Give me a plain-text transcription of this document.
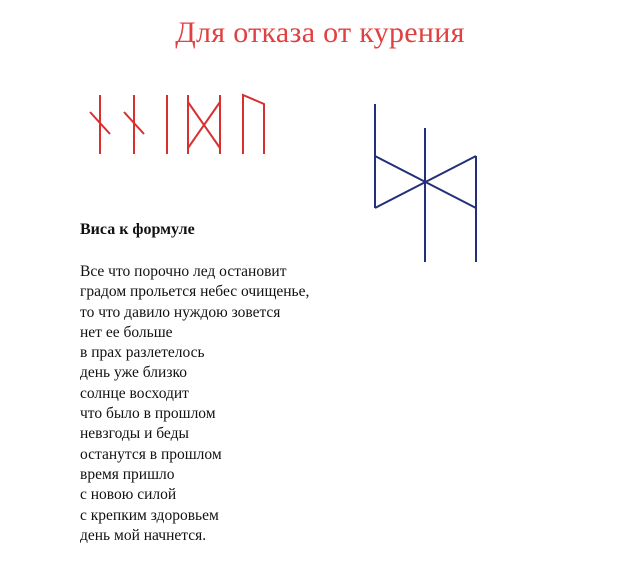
Для отказа от курения
Виса к формуле
Все что порочно лед остановит
градом прольется небес очищенье,
то что давило нуждою зовется
нет ее больше
в прах разлетелось
день уже близко
солнце восходит
что было в прошлом
невзгоды и беды
останутся в прошлом
время пришло
с новою силой
с крепким здоровьем
день мой начнется.
